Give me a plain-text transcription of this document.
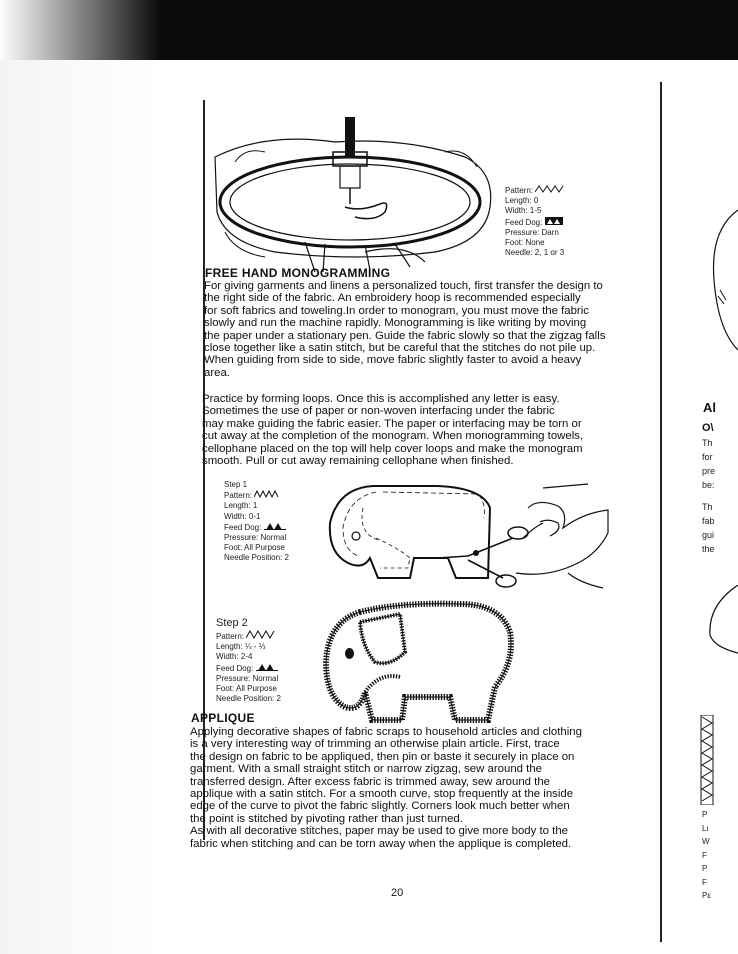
Pattern:
Length: 0
Width: 1-5
Feed Dog:
Pressure: Darn
Foot: None
Needle: 2, 1 or 3
FREE HAND MONOGRAMMING
For giving garments and linens a personalized touch, first transfer the design to
the right side of the fabric. An embroidery hoop is recommended especially
for soft fabrics and toweling.In order to monogram, you must move the fabric
slowly and run the machine rapidly. Monogramming is like writing by moving
the paper under a stationary pen. Guide the fabric slowly so that the zigzag falls
close together like a satin stitch, but be careful that the stitches do not pile up.
When guiding from side to side, move fabric slightly faster to avoid a heavy
area.
Practice by forming loops. Once this is accomplished any letter is easy.
Sometimes the use of paper or non-woven interfacing under the fabric
may make guiding the fabric easier. The paper or interfacing may be torn or
cut away at the completion of the monogram. When monogramming towels,
cellophane placed on the top will help cover loops and make the monogram
smooth. Pull or cut away remaining cellophane when finished.
Step 1
Pattern:
Length: 1
Width: 0-1
Feed Dog:
Pressure: Normal
Foot: All Purpose
Needle Position: 2
Step 2
Pattern:
Length: ¼ - ⅓
Width: 2-4
Feed Dog:
Pressure: Normal
Foot: All Purpose
Needle Position: 2
APPLIQUE
Applying decorative shapes of fabric scraps to household articles and clothing
is a very interesting way of trimming an otherwise plain article. First, trace
the design on fabric to be appliqued, then pin or baste it securely in place on
garment. With a small straight stitch or narrow zigzag, sew around the
transferred design. After excess fabric is trimmed away, sew around the
applique with a satin stitch. For a smooth curve, stop frequently at the inside
edge of the curve to pivot the fabric slightly. Corners look much better when
the point is stitched by pivoting rather than just turned.
As with all decorative stitches, paper may be used to give more body to the
fabric when stitching and can be torn away when the applique is completed.
20
Al
O\
Th
for
pre
be:
Th
fab
gui
the
P
Lı
W
F
P
F
Pε
